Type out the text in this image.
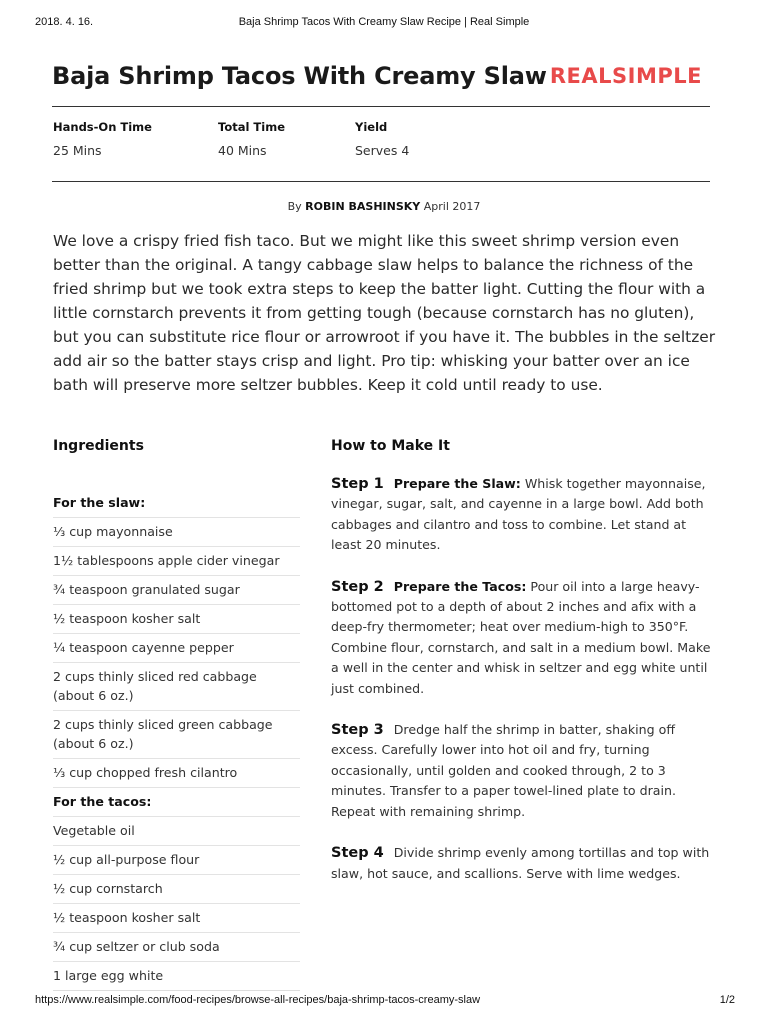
2018. 4. 16.	Baja Shrimp Tacos With Creamy Slaw Recipe | Real Simple
Baja Shrimp Tacos With Creamy Slaw REALSIMPLE
Hands-On Time
25 Mins
Total Time
40 Mins
Yield
Serves 4
By ROBIN BASHINSKY April 2017

We love a crispy fried fish taco. But we might like this sweet shrimp version even better than the original. A tangy cabbage slaw helps to balance the richness of the fried shrimp but we took extra steps to keep the batter light. Cutting the flour with a little cornstarch prevents it from getting tough (because cornstarch has no gluten), but you can substitute rice flour or arrowroot if you have it. The bubbles in the seltzer add air so the batter stays crisp and light. Pro tip: whisking your batter over an ice bath will preserve more seltzer bubbles. Keep it cold until ready to use.

Ingredients
For the slaw:
⅓ cup mayonnaise
1½ tablespoons apple cider vinegar
¾ teaspoon granulated sugar
½ teaspoon kosher salt
¼ teaspoon cayenne pepper
2 cups thinly sliced red cabbage (about 6 oz.)
2 cups thinly sliced green cabbage (about 6 oz.)
⅓ cup chopped fresh cilantro
For the tacos:
Vegetable oil
½ cup all-purpose flour
½ cup cornstarch
½ teaspoon kosher salt
¾ cup seltzer or club soda
1 large egg white
How to Make It
Step 1 Prepare the Slaw: Whisk together mayonnaise, vinegar, sugar, salt, and cayenne in a large bowl. Add both cabbages and cilantro and toss to combine. Let stand at least 20 minutes.
Step 2 Prepare the Tacos: Pour oil into a large heavy-bottomed pot to a depth of about 2 inches and afix with a deep-fry thermometer; heat over medium-high to 350°F. Combine flour, cornstarch, and salt in a medium bowl. Make a well in the center and whisk in seltzer and egg white until just combined.
Step 3 Dredge half the shrimp in batter, shaking off excess. Carefully lower into hot oil and fry, turning occasionally, until golden and cooked through, 2 to 3 minutes. Transfer to a paper towel-lined plate to drain. Repeat with remaining shrimp.
Step 4 Divide shrimp evenly among tortillas and top with slaw, hot sauce, and scallions. Serve with lime wedges.
https://www.realsimple.com/food-recipes/browse-all-recipes/baja-shrimp-tacos-creamy-slaw	1/2
